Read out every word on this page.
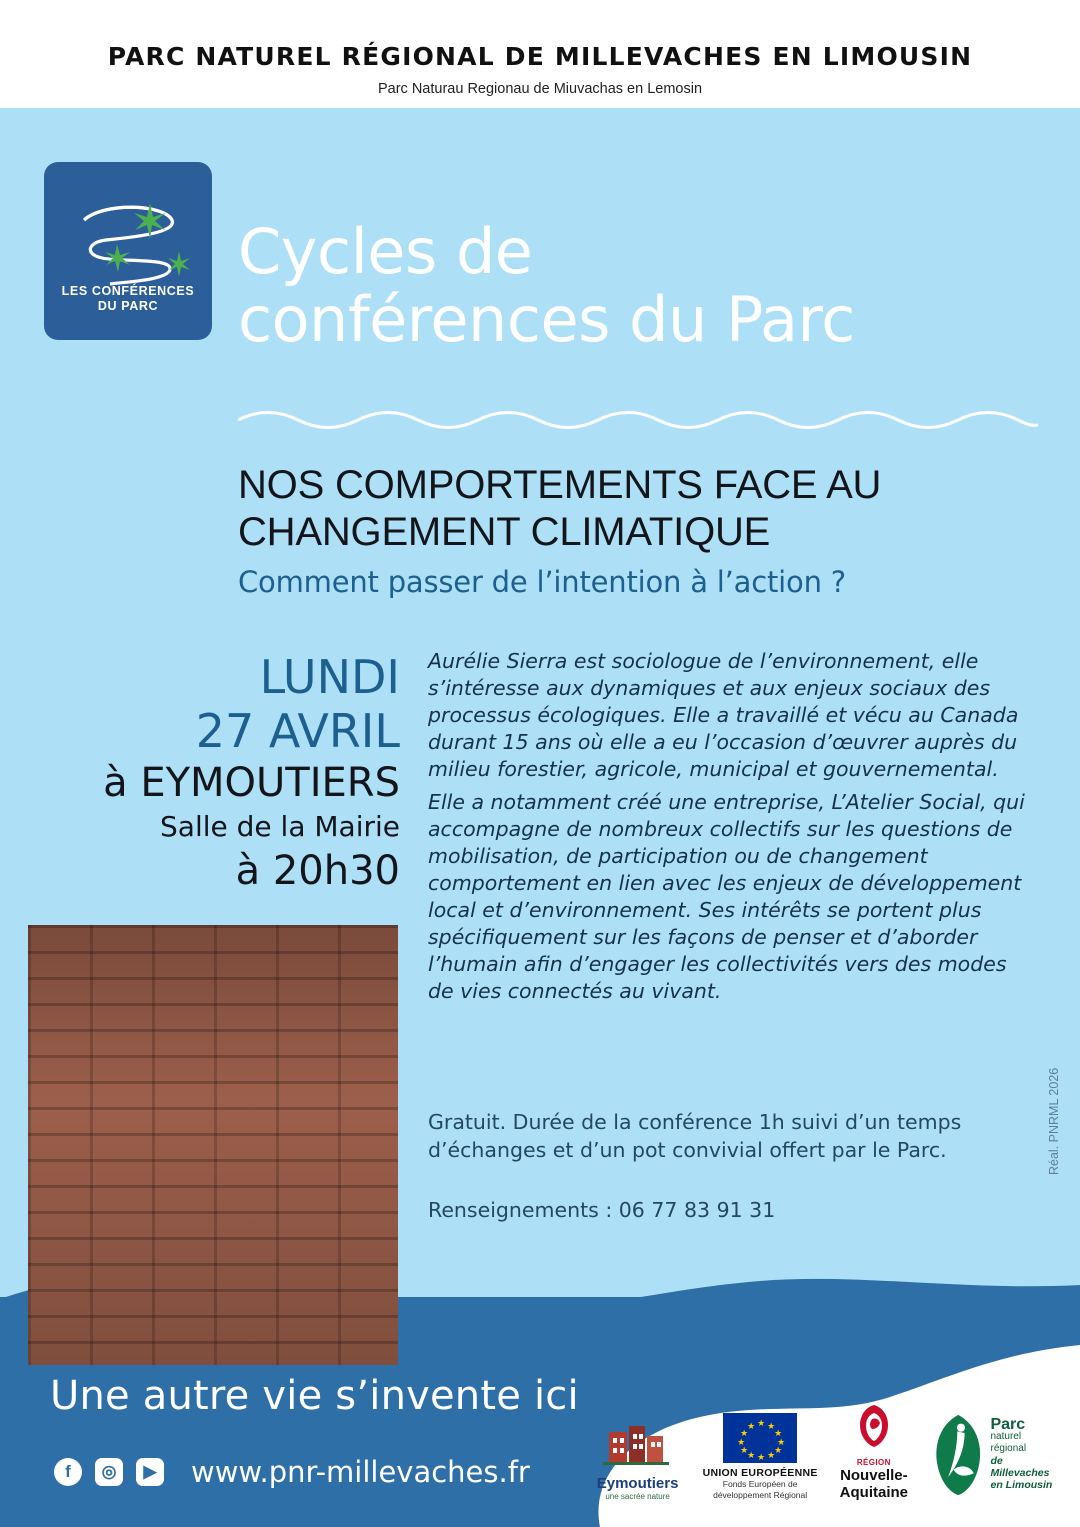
PARC NATUREL RÉGIONAL DE MILLEVACHES EN LIMOUSIN
Parc Naturau Regionau de Miuvachas en Lemosin
LES CONFÉRENCES
DU PARC
Cycles de
conférences du Parc
NOS COMPORTEMENTS FACE AU
CHANGEMENT CLIMATIQUE
Comment passer de l’intention à l’action ?
LUNDI
27 AVRIL
à EYMOUTIERS
Salle de la Mairie
à 20h30

Aurélie Sierra est sociologue de l’environnement, elle s’intéresse aux dynamiques et aux enjeux sociaux des processus écologiques. Elle a travaillé et vécu au Canada durant 15 ans où elle a eu l’occasion d’œuvrer auprès du milieu forestier, agricole, municipal et gouvernemental.

Elle a notamment créé une entreprise, L’Atelier Social, qui accompagne de nombreux collectifs sur les questions de mobilisation, de participation ou de changement comportement en lien avec les enjeux de développement local et d’environnement. Ses intérêts se portent plus spécifiquement sur les façons de penser et d’aborder l’humain afin d’engager les collectivités vers des modes de vies connectés au vivant.

Gratuit. Durée de la conférence 1h suivi d’un temps d’échanges et d’un pot convivial offert par le Parc.
Renseignements : 06 77 83 91 31
Réal. PNRML 2026
Une autre vie s’invente ici
f	◎	▶ www.pnr-millevaches.fr	Eymoutiers
une sacrée nature
★ ★
★
★
★
★
★
★
★
★
★
★
UNION EUROPÉENNE
Fonds Européen de
développement Régional
RÉGION
Nouvelle-
Aquitaine
Parc
naturel
régional
de Millevaches
en Limousin
